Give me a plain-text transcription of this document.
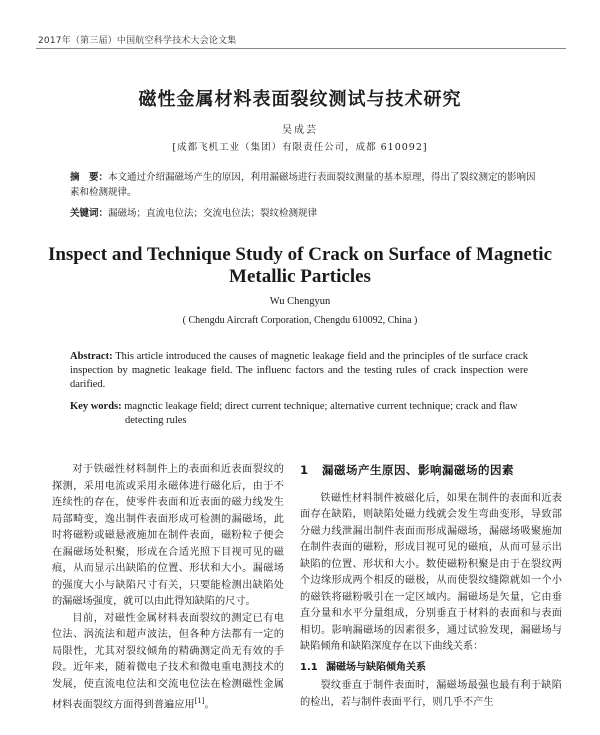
2017年（第三届）中国航空科学技术大会论文集
磁性金属材料表面裂纹测试与技术研究
吴成芸
[成都飞机工业（集团）有限责任公司，成都 610092]
摘　要：本文通过介绍漏磁场产生的原因，利用漏磁场进行表面裂纹测量的基本原理，得出了裂纹测定的影响因素和检测规律。
关键词：漏磁场；直流电位法；交流电位法；裂纹检测规律
Inspect and Technique Study of Crack on Surface of Magnetic
Metallic Particles
Wu Chengyun
( Chengdu Aircraft Corporation, Chengdu 610092, China )
Abstract: This article introduced the causes of magnetic leakage field and the principles of tle surface crack inspection by magnetic leakage field. The influenc factors and the testing rules of crack inspection were darified.
Key words: magnctic leakage field; direct current technique; alternative current technique; crack and flaw
detecting rules

对于铁磁性材料制件上的表面和近表面裂纹的探测，采用电流或采用永磁体进行磁化后，由于不连续性的存在，使零件表面和近表面的磁力线发生局部畸变，逸出制件表面形成可检测的漏磁场，此时将磁粉或磁悬液施加在制件表面，磁粉粒子便会在漏磁场处积聚，形成在合适光照下目视可见的磁痕，从而显示出缺陷的位置、形状和大小。漏磁场的强度大小与缺陷尺寸有关，只要能检测出缺陷处的漏磁场强度，就可以由此得知缺陷的尺寸。

目前，对磁性金属材料表面裂纹的测定已有电位法、涡流法和超声波法，但各种方法都有一定的局限性，尤其对裂纹倾角的精确测定尚无有效的手段。近年来，随着微电子技术和微电重电测技术的发展，使直流电位法和交流电位法在检测磁性金属材料表面裂纹方面得到普遍应用[1]。

1 漏磁场产生原因、影响漏磁场的因素

铁磁性材料制件被磁化后，如果在制件的表面和近表面存在缺陷，则缺陷处磁力线就会发生弯曲变形，导致部分磁力线泄漏出制件表面而形成漏磁场，漏磁场吸聚施加在制件表面的磁粉，形成目视可见的磁痕，从而可显示出缺陷的位置、形状和大小。数使磁粉积聚是由于在裂纹两个边缘形成两个相反的磁极，从而使裂纹缝隙就如一个小的磁铁将磁粉吸引在一定区域内。漏磁场是矢量，它由垂直分量和水平分量组成，分别垂直于材料的表面和与表面相切。影响漏磁场的因素很多，通过试验发现，漏磁场与缺陷倾角和缺陷深度存在以下曲线关系：

1.1 漏磁场与缺陷倾角关系

裂纹垂直于制件表面时，漏磁场最强也最有利于缺陷的检出，若与制件表面平行，则几乎不产生
